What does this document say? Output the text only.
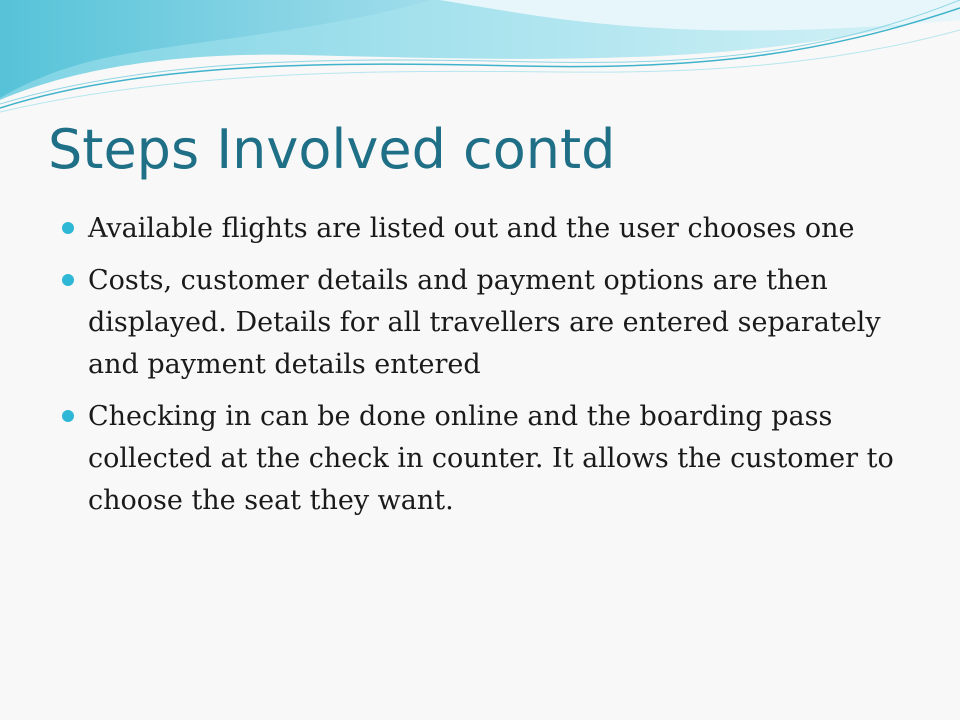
Steps Involved contd
Available flights are listed out and the user chooses one
Costs, customer details and payment options are then displayed. Details for all travellers are entered separately and payment details entered
Checking in can be done online and the boarding pass collected at the check in counter. It allows the customer to choose the seat they want.
